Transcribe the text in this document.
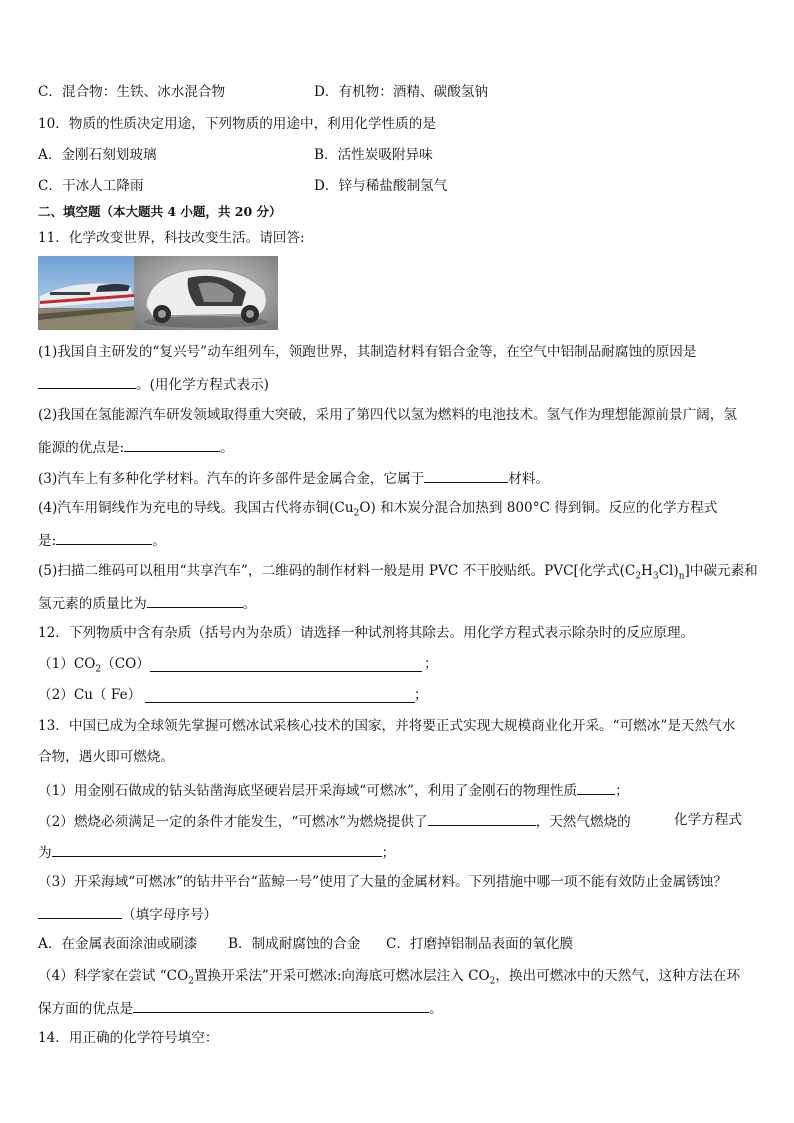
C．混合物：生铁、冰水混合物	D．有机物：酒精、碳酸氢钠
10．物质的性质决定用途，下列物质的用途中，利用化学性质的是
A．金刚石刻划玻璃	B．活性炭吸附异味
C．干冰人工降雨	D．锌与稀盐酸制氢气
二、填空题（本大题共 4 小题，共 20 分）
11．化学改变世界，科技改变生活。请回答:
(1)我国自主研发的“复兴号”动车组列车，领跑世界，其制造材料有铝合金等，在空气中铝制品耐腐蚀的原因是
。(用化学方程式表示)
(2)我国在氢能源汽车研发领域取得重大突破，采用了第四代以氢为燃料的电池技术。氢气作为理想能源前景广阔，氢
能源的优点是:	。
(3)汽车上有多种化学材料。汽车的许多部件是金属合金，它属于	材料。
(4)汽车用铜线作为充电的导线。我国古代将赤铜$(Cu_2O)$ 和木炭分混合加热到 800°C 得到铜。反应的化学方程式
是:	。
(5)扫描二维码可以租用“共享汽车”，二维码的制作材料一般是用 PVC 不干胶贴纸。PVC[化学式$(C_2H_3Cl)_n$]中碳元素和
氢元素的质量比为	。
12．下列物质中含有杂质（括号内为杂质）请选择一种试剂将其除去。用化学方程式表示除杂时的反应原理。
$(1)CO_2(CO)$	；
（2）Cu（ Fe）	；
13．中国已成为全球领先掌握可燃冰试采核心技术的国家，并将要正式实现大规模商业化开采。“可燃冰”是天然气水
合物，遇火即可燃烧。
（1）用金刚石做成的钻头钻凿海底坚硬岩层开采海域“可燃冰”，利用了金刚石的物理性质	；
（2）燃烧必须满足一定的条件才能发生，“可燃冰”为燃烧提供了	，天然气燃烧的	化学方程式
为	；
（3）开采海域“可燃冰”的钻井平台“蓝鲸一号”使用了大量的金属材料。下列措施中哪一项不能有效防止金属锈蚀？
（填字母序号）
A．在金属表面涂油或刷漆 B．制成耐腐蚀的合金 C．打磨掉铝制品表面的氧化膜
（4）科学家在尝试 “$CO_2$置换开采法”开采可燃冰:向海底可燃冰层注入 $CO_2$，换出可燃冰中的天然气，这种方法在环
保方面的优点是	。
14．用正确的化学符号填空：
